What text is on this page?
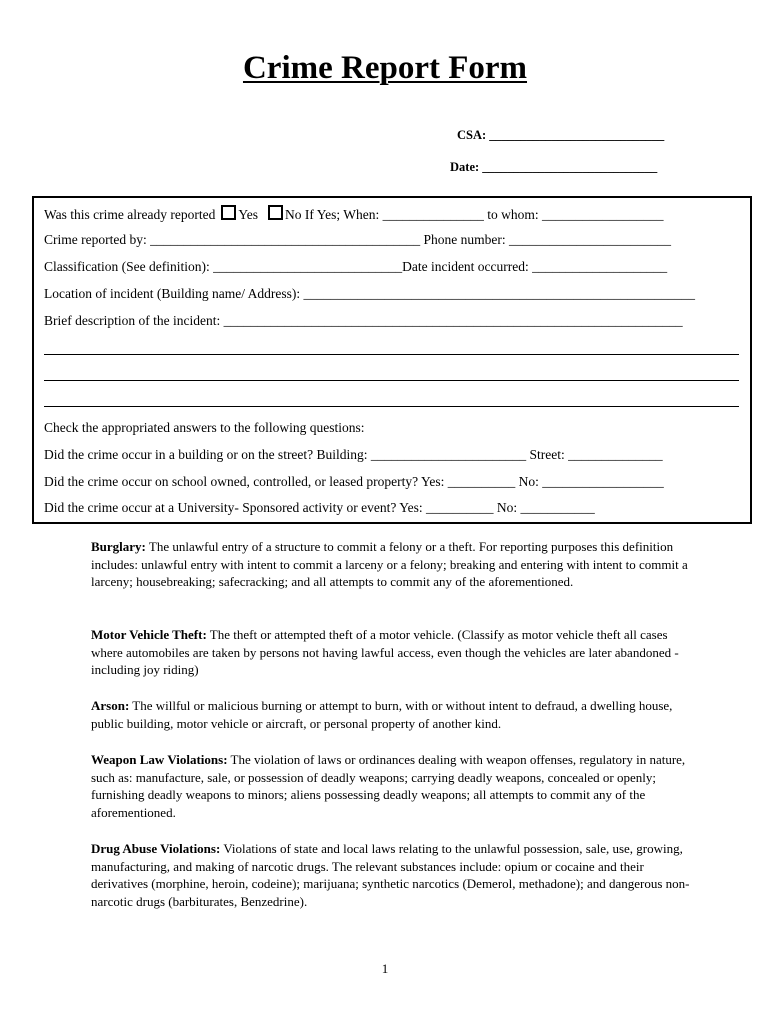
Crime Report Form
CSA: ____________________________
Date: ____________________________
Was this crime already reported Yes No If Yes; When: _______________ to whom: __________________
Crime reported by: ________________________________________ Phone number: ________________________
Classification (See definition): ____________________________Date incident occurred: ____________________
Location of incident (Building name/ Address): __________________________________________________________
Brief description of the incident: ____________________________________________________________________
Check the appropriated answers to the following questions:
Did the crime occur in a building or on the street? Building: _______________________ Street: ______________
Did the crime occur on school owned, controlled, or leased property? Yes: __________ No: __________________
Did the crime occur at a University- Sponsored activity or event? Yes: __________ No: ___________

Burglary: The unlawful entry of a structure to commit a felony or a theft. For reporting purposes this definition includes: unlawful entry with intent to commit a larceny or a felony; breaking and entering with intent to commit a larceny; housebreaking; safecracking; and all attempts to commit any of the aforementioned.

Motor Vehicle Theft: The theft or attempted theft of a motor vehicle. (Classify as motor vehicle theft all cases where automobiles are taken by persons not having lawful access, even though the vehicles are later abandoned - including joy riding)

Arson: The willful or malicious burning or attempt to burn, with or without intent to defraud, a dwelling house, public building, motor vehicle or aircraft, or personal property of another kind.

Weapon Law Violations: The violation of laws or ordinances dealing with weapon offenses, regulatory in nature, such as: manufacture, sale, or possession of deadly weapons; carrying deadly weapons, concealed or openly; furnishing deadly weapons to minors; aliens possessing deadly weapons; all attempts to commit any of the aforementioned.

Drug Abuse Violations: Violations of state and local laws relating to the unlawful possession, sale, use, growing, manufacturing, and making of narcotic drugs. The relevant substances include: opium or cocaine and their derivatives (morphine, heroin, codeine); marijuana; synthetic narcotics (Demerol, methadone); and dangerous non-narcotic drugs (barbiturates, Benzedrine).

1
